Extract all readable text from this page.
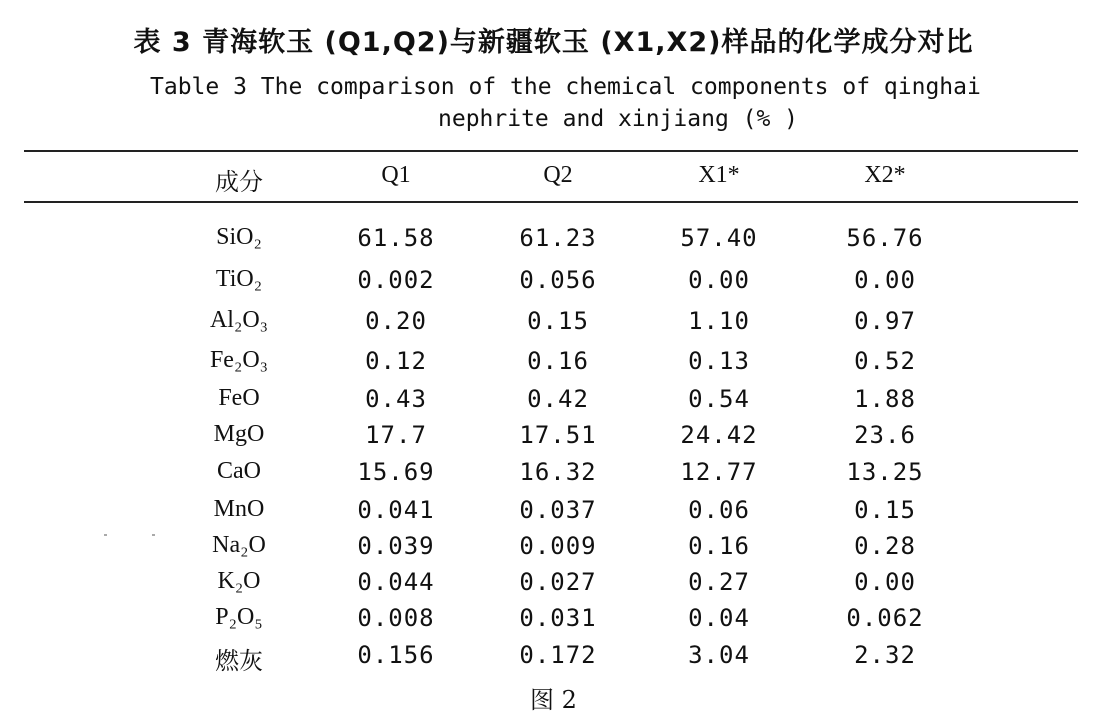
表 3 青海软玉 (Q1,Q2)与新疆软玉 (X1,X2)样品的化学成分对比
Table 3 The comparison of the chemical components of qinghai
nephrite and xinjiang (% )
成分	Q1	Q2	X1*	X2*
SiO₂	61.58	61.23	57.40	56.76
TiO₂	0.002	0.056	0.00	0.00
Al₂O₃	0.20	0.15	1.10	0.97
Fe₂O₃	0.12	0.16	0.13	0.52
FeO	0.43	0.42	0.54	1.88
MgO	17.7	17.51	24.42	23.6
CaO	15.69	16.32	12.77	13.25
MnO	0.041	0.037	0.06	0.15
Na₂O	0.039	0.009	0.16	0.28
K₂O	0.044	0.027	0.27	0.00
P₂O₅	0.008	0.031	0.04	0.062
燃灰	0.156	0.172	3.04	2.32
图 2
